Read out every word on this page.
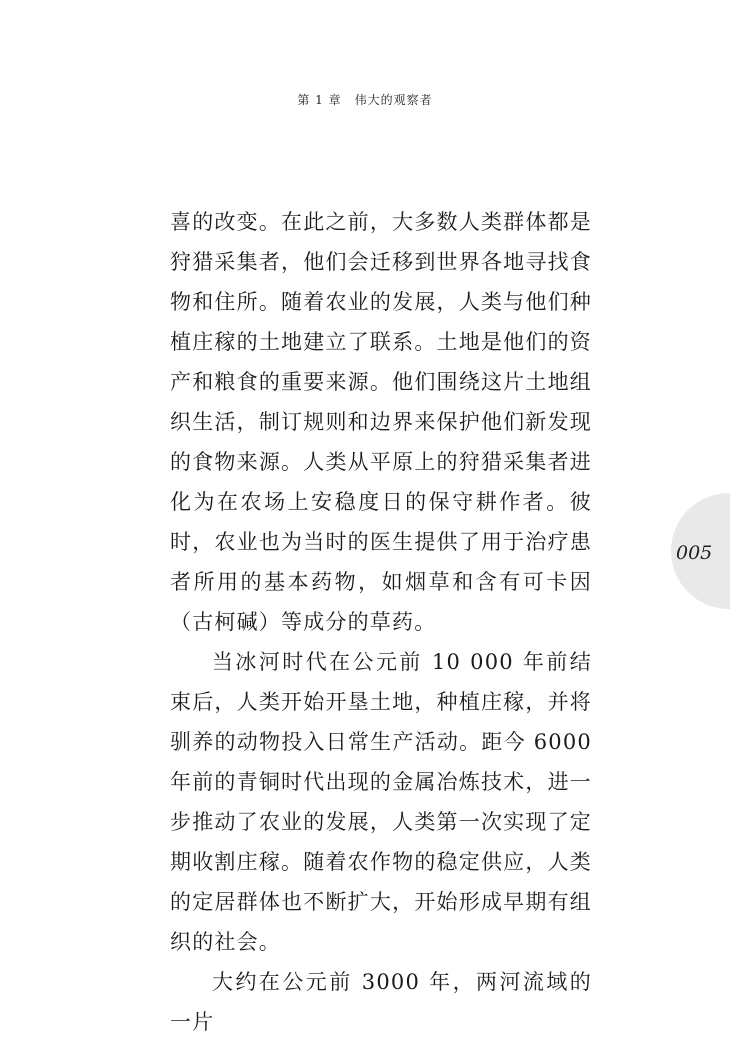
第 1 章　伟大的观察者

喜的改变。在此之前，大多数人类群体都是狩猎采集者，他们会迁移到世界各地寻找食物和住所。随着农业的发展，人类与他们种植庄稼的土地建立了联系。土地是他们的资产和粮食的重要来源。他们围绕这片土地组织生活，制订规则和边界来保护他们新发现的食物来源。人类从平原上的狩猎采集者进化为在农场上安稳度日的保守耕作者。彼时，农业也为当时的医生提供了用于治疗患者所用的基本药物，如烟草和含有可卡因（古柯碱）等成分的草药。

当冰河时代在公元前 10 000 年前结束后，人类开始开垦土地，种植庄稼，并将驯养的动物投入日常生产活动。距今 6000 年前的青铜时代出现的金属冶炼技术，进一步推动了农业的发展，人类第一次实现了定期收割庄稼。随着农作物的稳定供应，人类的定居群体也不断扩大，开始形成早期有组织的社会。

大约在公元前 3000 年，两河流域的一片

005
